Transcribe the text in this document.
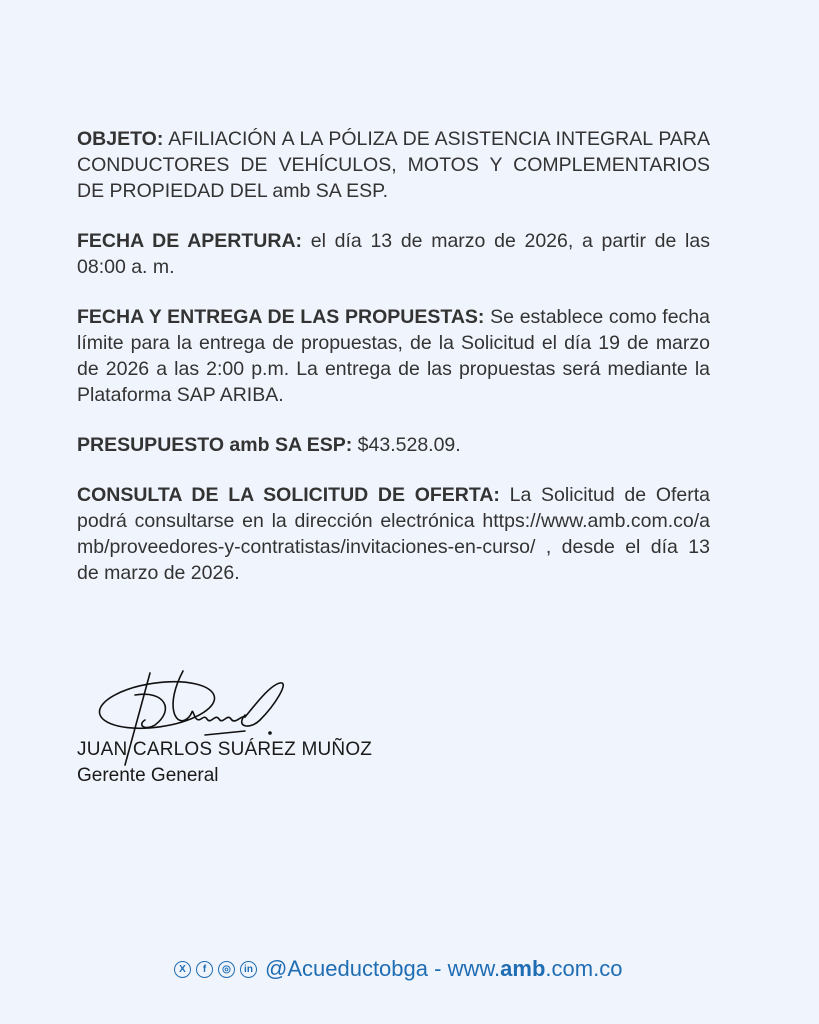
OBJETO: AFILIACIÓN A LA PÓLIZA DE ASISTENCIA INTEGRAL PARA CONDUCTORES DE VEHÍCULOS, MOTOS Y COMPLEMENTARIOS DE PROPIEDAD DEL amb SA ESP.

FECHA DE APERTURA: el día 13 de marzo de 2026, a partir de las 08:00 a. m.

FECHA Y ENTREGA DE LAS PROPUESTAS: Se establece como fecha límite para la entrega de propuestas, de la Solicitud el día 19 de marzo de 2026 a las 2:00 p.m. La entrega de las propuestas será mediante la Plataforma SAP ARIBA.

PRESUPUESTO amb SA ESP: $43.528.09.

CONSULTA DE LA SOLICITUD DE OFERTA: La Solicitud de Oferta podrá consultarse en la dirección electrónica https://www.amb.com.co/amb/proveedores-y-contratistas/invitaciones-en-curso/ , desde el día 13 de marzo de 2026.

JUAN CARLOS SUÁREZ MUÑOZ
Gerente General
X	f	◎	in @Acueductobga - www.amb.com.co
